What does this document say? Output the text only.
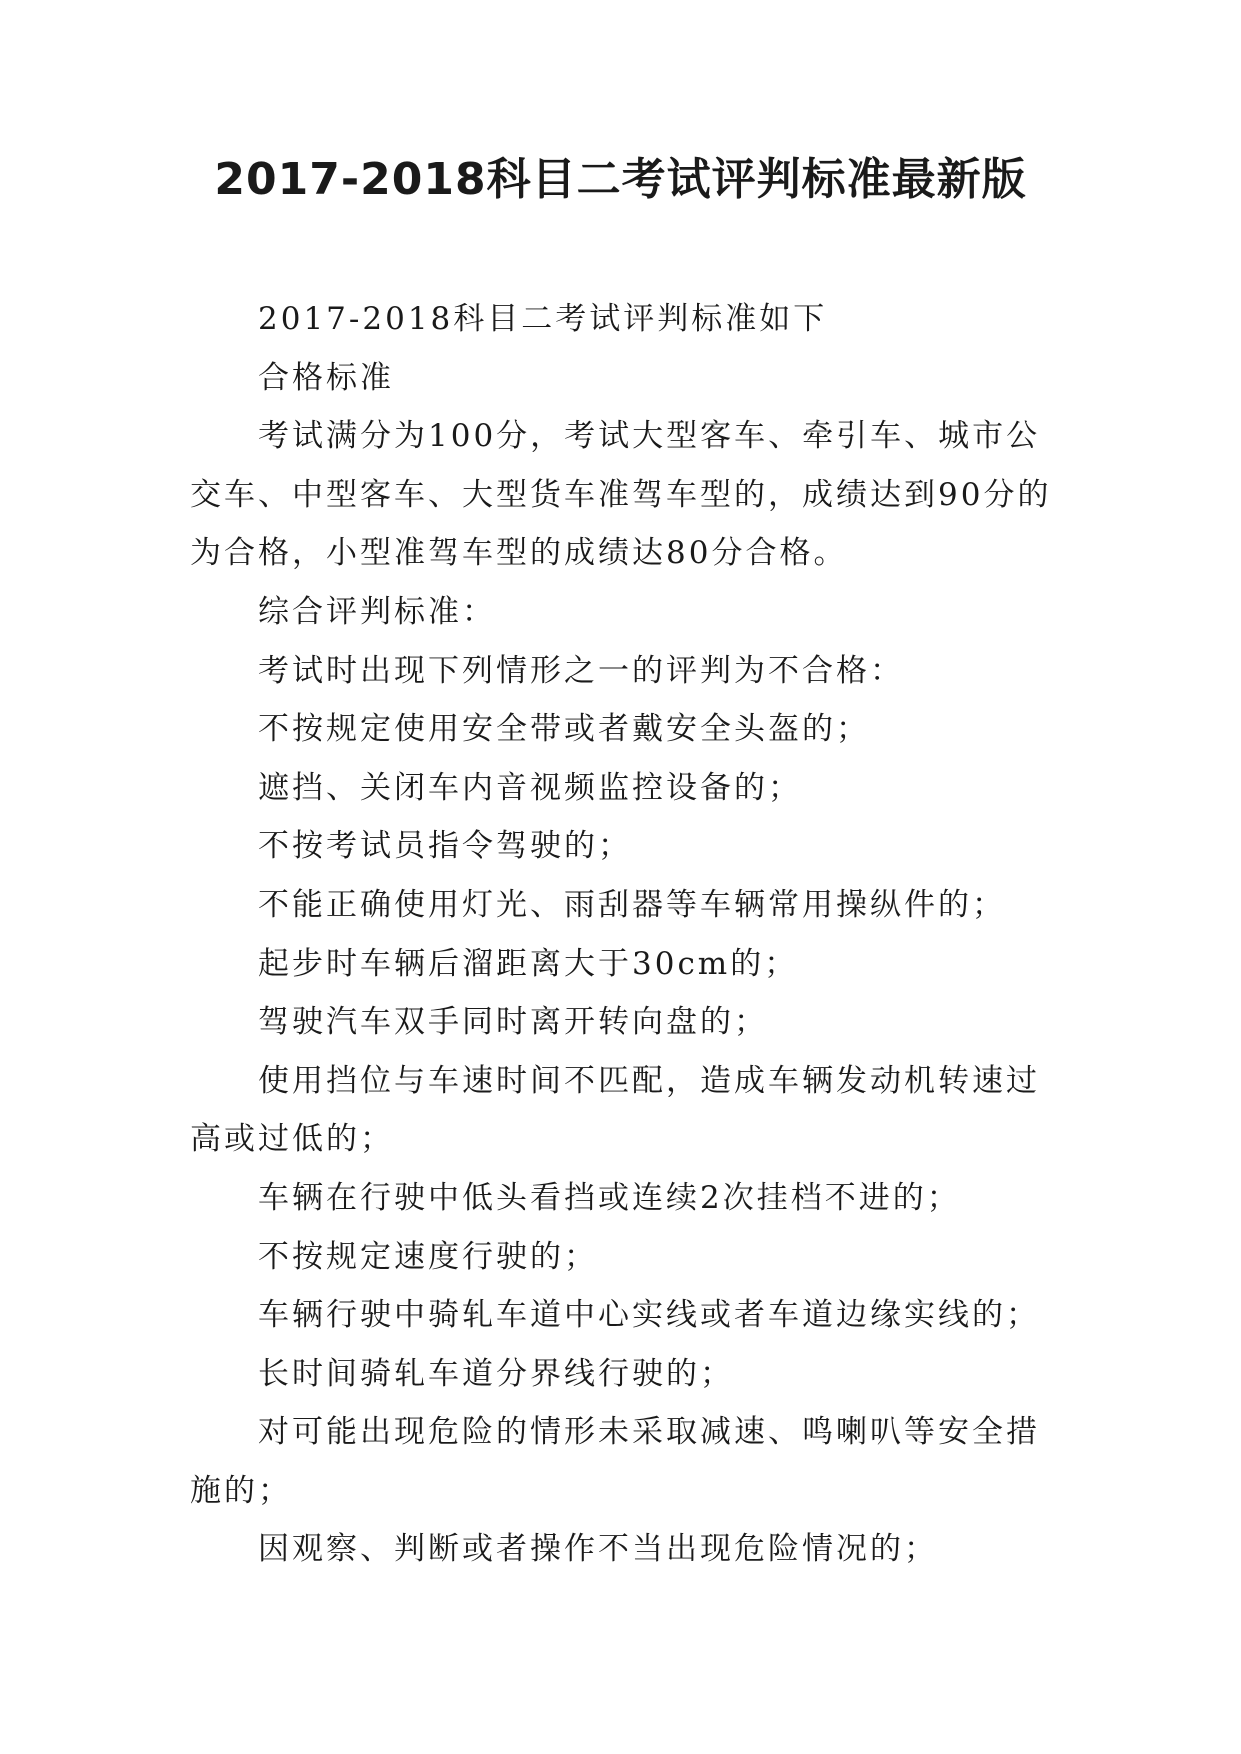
2017-2018科目二考试评判标准最新版

2017-2018科目二考试评判标准如下

合格标准

考试满分为100分，考试大型客车、牵引车、城市公交车、中型客车、大型货车准驾车型的，成绩达到90分的为合格，小型准驾车型的成绩达80分合格。

综合评判标准：

考试时出现下列情形之一的评判为不合格：

不按规定使用安全带或者戴安全头盔的；

遮挡、关闭车内音视频监控设备的；

不按考试员指令驾驶的；

不能正确使用灯光、雨刮器等车辆常用操纵件的；

起步时车辆后溜距离大于30cm的；

驾驶汽车双手同时离开转向盘的；

使用挡位与车速时间不匹配，造成车辆发动机转速过高或过低的；

车辆在行驶中低头看挡或连续2次挂档不进的；

不按规定速度行驶的；

车辆行驶中骑轧车道中心实线或者车道边缘实线的；

长时间骑轧车道分界线行驶的；

对可能出现危险的情形未采取减速、鸣喇叭等安全措施的；

因观察、判断或者操作不当出现危险情况的；
